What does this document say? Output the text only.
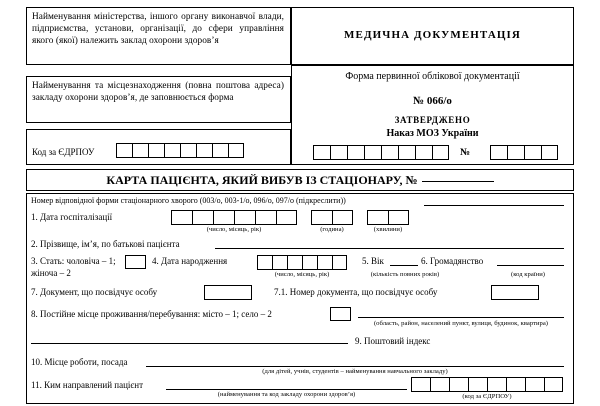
Найменування міністерства, іншого органу виконавчої влади, підприємства, установи, організації, до сфери управління якого (якої) належить заклад охорони здоров’я
Найменування та місцезнаходження (повна поштова адреса) закладу охорони здоров’я, де заповнюється форма
Код за ЄДРПОУ
МЕДИЧНА ДОКУМЕНТАЦІЯ
Форма первинної облікової документації
№ 066/о
ЗАТВЕРДЖЕНО
Наказ МОЗ України
№
КАРТА ПАЦІЄНТА, ЯКИЙ ВИБУВ ІЗ СТАЦІОНАРУ, №
Номер відповідної форми стаціонарного хворого (003/о, 003-1/о, 096/о, 097/о (підкреслити))
1. Дата госпіталізації
(число, місяць, рік)	(година)	(хвилини)
2. Прізвище, ім’я, по батькові пацієнта
3. Стать: чоловіча – 1;
жіноча – 2
4. Дата народження
(число, місяць, рік)
5. Вік
(кількість повних років)
6. Громадянство
(код країни)
7. Документ, що посвідчує особу	7.1. Номер документа, що посвідчує особу
8. Постійне місце проживання/перебування: місто – 1; село – 2
(область, район, населений пункт, вулиця, будинок, квартира)
9. Поштовий індекс
10. Місце роботи, посада
(для дітей, учнів, студентів – найменування навчального закладу)
11. Ким направлений пацієнт
(найменування та код закладу охорони здоров’я)	(код за ЄДРПОУ)
